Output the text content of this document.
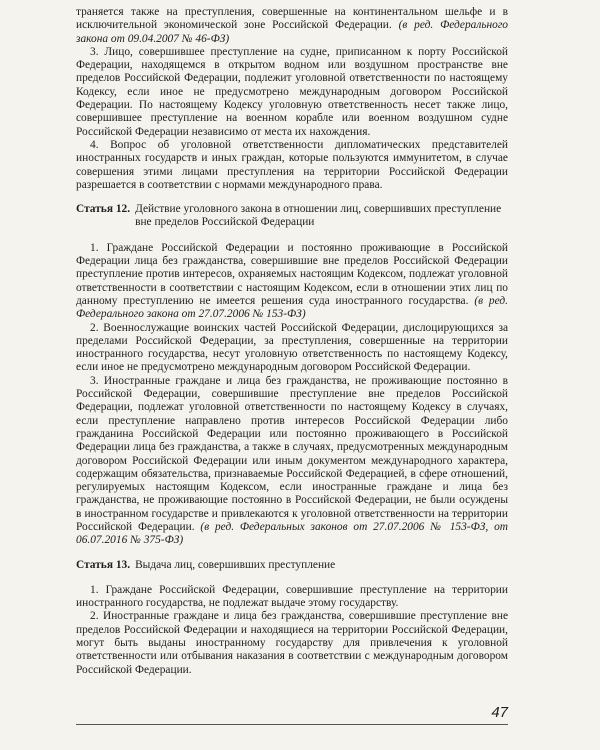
траняется также на преступления, совершенные на континентальном шельфе и в исключительной экономической зоне Российской Федерации. (в ред. Федерального закона от 09.04.2007 № 46-ФЗ)

3. Лицо, совершившее преступление на судне, приписанном к порту Российской Федерации, находящемся в открытом водном или воздушном пространстве вне пределов Российской Федерации, подлежит уголовной ответственности по настоящему Кодексу, если иное не предусмотрено международным договором Российской Федерации. По настоящему Кодексу уголовную ответственность несет также лицо, совершившее преступление на военном корабле или военном воздушном судне Российской Федерации независимо от места их нахождения.

4. Вопрос об уголовной ответственности дипломатических представителей иностранных государств и иных граждан, которые пользуются иммунитетом, в случае совершения этими лицами преступления на территории Российской Федерации разрешается в соответствии с нормами международного права.

Статья 12. Действие уголовного закона в отношении лиц, совершивших преступление вне пределов Российской Федерации

1. Граждане Российской Федерации и постоянно проживающие в Российской Федерации лица без гражданства, совершившие вне пределов Российской Федерации преступление против интересов, охраняемых настоящим Кодексом, подлежат уголовной ответственности в соответствии с настоящим Кодексом, если в отношении этих лиц по данному преступлению не имеется решения суда иностранного государства. (в ред. Федерального закона от 27.07.2006 № 153-ФЗ)

2. Военнослужащие воинских частей Российской Федерации, дислоцирующихся за пределами Российской Федерации, за преступления, совершенные на территории иностранного государства, несут уголовную ответственность по настоящему Кодексу, если иное не предусмотрено международным договором Российской Федерации.

3. Иностранные граждане и лица без гражданства, не проживающие постоянно в Российской Федерации, совершившие преступление вне пределов Российской Федерации, подлежат уголовной ответственности по настоящему Кодексу в случаях, если преступление направлено против интересов Российской Федерации либо гражданина Российской Федерации или постоянно проживающего в Российской Федерации лица без гражданства, а также в случаях, предусмотренных международным договором Российской Федерации или иным документом международного характера, содержащим обязательства, признаваемые Российской Федерацией, в сфере отношений, регулируемых настоящим Кодексом, если иностранные граждане и лица без гражданства, не проживающие постоянно в Российской Федерации, не были осуждены в иностранном государстве и привлекаются к уголовной ответственности на территории Российской Федерации. (в ред. Федеральных законов от 27.07.2006 № 153-ФЗ, от 06.07.2016 № 375-ФЗ)

Статья 13. Выдача лиц, совершивших преступление

1. Граждане Российской Федерации, совершившие преступление на территории иностранного государства, не подлежат выдаче этому государству.

2. Иностранные граждане и лица без гражданства, совершившие преступление вне пределов Российской Федерации и находящиеся на территории Российской Федерации, могут быть выданы иностранному государству для привлечения к уголовной ответственности или отбывания наказания в соответствии с международным договором Российской Федерации.

47
